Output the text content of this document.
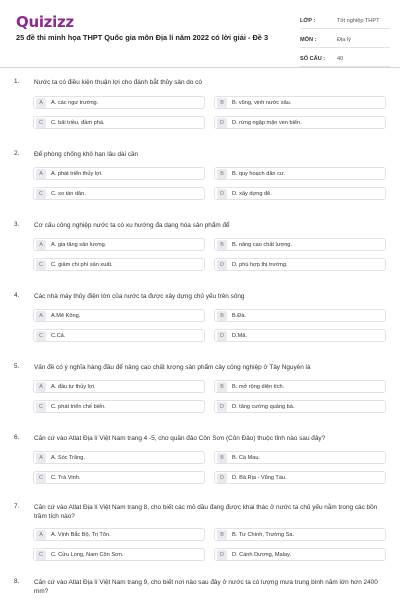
Quizizz
25 đề thi minh họa THPT Quốc gia môn Địa lí năm 2022 có lời giải - Đề 3
LỚP :	Tốt nghiệp THPT
MÔN :	Địa lý
SỐ CÂU :	40
1.	Nước ta có điều kiện thuận lợi cho đánh bắt thủy sản do có
A	A. các ngư trường.	B	B. vũng, vịnh nước sâu.
C	C. bãi triều, đầm phá.	D	D. rừng ngập mặn ven biển.
2.	Để phòng chống khô hạn lâu dài cần
A	A. phát triển thủy lợi.	B	B. quy hoạch dân cư.
C	C. so tán dân.	D	D. xây dựng đê.
3.	Cơ cấu công nghiệp nước ta có xu hướng đa dạng hóa sản phẩm để
A	A. gia tăng sản lượng.	B	B. nâng cao chất lượng.
C	C. giảm chi phí sản xuất.	D	D. phù hợp thị trường.
4.	Các nhà máy thủy điện lớn của nước ta được xây dựng chủ yếu trên sông
A	A.Mê Kông.	B	B.Đà.
C	C.Cả.	D	D.Mã.
5.	Vấn đề có ý nghĩa hàng đầu để nâng cao chất lượng sản phẩm cây công nghiệp ở Tây Nguyên là
A	A. đầu tư thủy lợi.	B	B. mở rộng diện tích.
C	C. phát triển chế biến.	D	D. tăng cường quảng bá.
6.	Căn cứ vào Atlat Địa lí Việt Nam trang 4 -5, cho quần đảo Côn Sơn (Côn Đảo) thuộc tỉnh nào sau đây?
A	A. Sóc Trăng.	B	B. Cà Mau.
C	C. Trà Vinh.	D	D. Bà Rịa - Vũng Tàu.
7.	Căn cứ vào Atlat Địa lí Việt Nam trang 8, cho biết các mỏ dầu đang được khai thác ở nước ta chủ yếu nằm trong các bồn trầm tích nào?
A	A. Vịnh Bắc Bộ, Trị Tôn.	B	B. Tư Chính, Trường Sa.
C	C. Cửu Long, Nam Côn Sơn.	D	D. Cánh Dương, Malay.
8.	Căn cứ vào Atlat Địa lí Việt Nam trang 9, cho biết nơi nào sau đây ở nước ta có lượng mưa trung bình năm lớn hơn 2400 mm?
